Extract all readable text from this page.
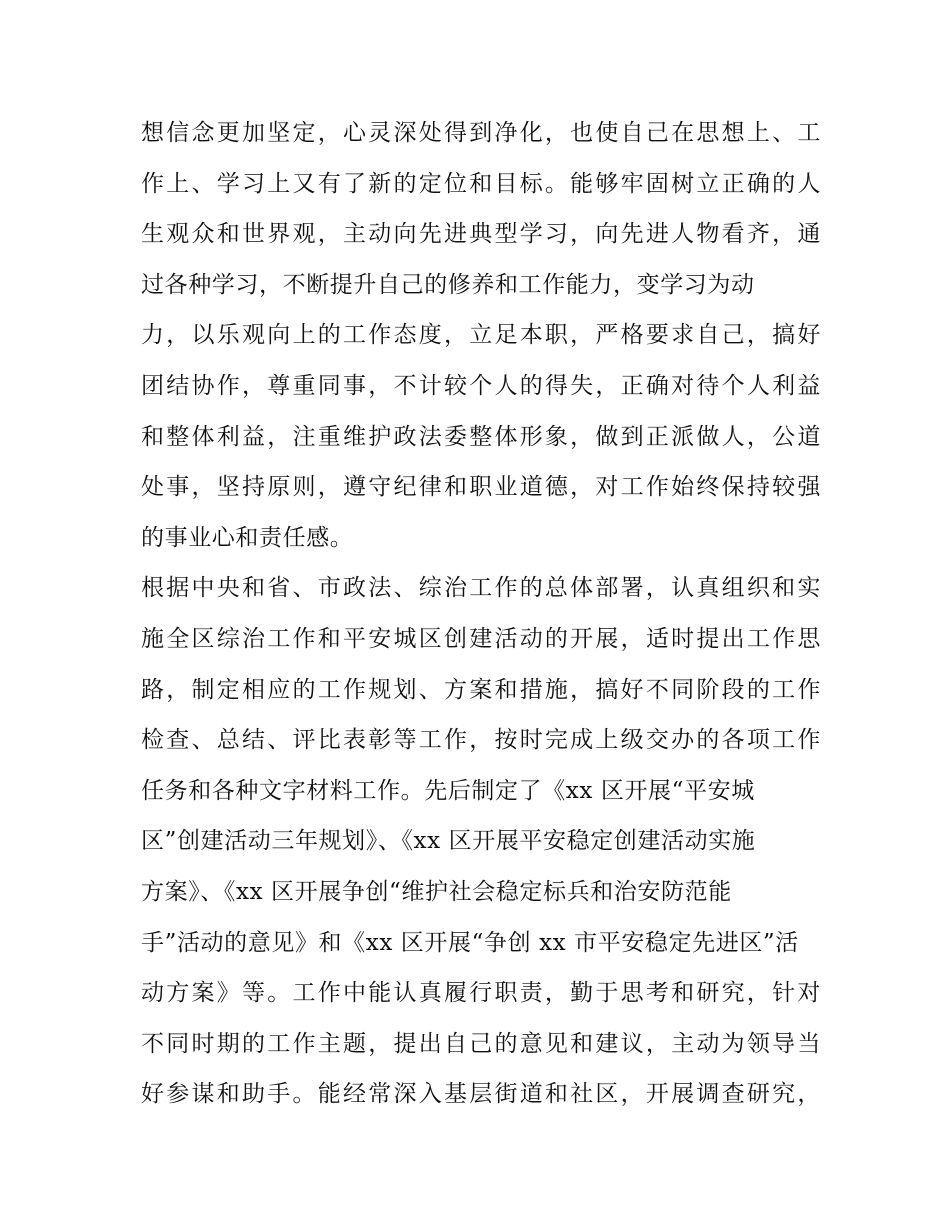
想信念更加坚定，心灵深处得到净化，也使自己在思想上、工
作上、学习上又有了新的定位和目标。能够牢固树立正确的人
生观众和世界观，主动向先进典型学习，向先进人物看齐，通
过各种学习，不断提升自己的修养和工作能力，变学习为动
力，以乐观向上的工作态度，立足本职，严格要求自己，搞好
团结协作，尊重同事，不计较个人的得失，正确对待个人利益
和整体利益，注重维护政法委整体形象，做到正派做人，公道
处事，坚持原则，遵守纪律和职业道德，对工作始终保持较强
的事业心和责任感。
根据中央和省、市政法、综治工作的总体部署，认真组织和实
施全区综治工作和平安城区创建活动的开展，适时提出工作思
路，制定相应的工作规划、方案和措施，搞好不同阶段的工作
检查、总结、评比表彰等工作，按时完成上级交办的各项工作
任务和各种文字材料工作。先后制定了《xx 区开展“平安城
区”创建活动三年规划》、《xx 区开展平安稳定创建活动实施
方案》、《xx 区开展争创“维护社会稳定标兵和治安防范能
手”活动的意见》和《xx 区开展“争创 xx 市平安稳定先进区”活
动方案》等。工作中能认真履行职责，勤于思考和研究，针对
不同时期的工作主题，提出自己的意见和建议，主动为领导当
好参谋和助手。能经常深入基层街道和社区，开展调查研究，
